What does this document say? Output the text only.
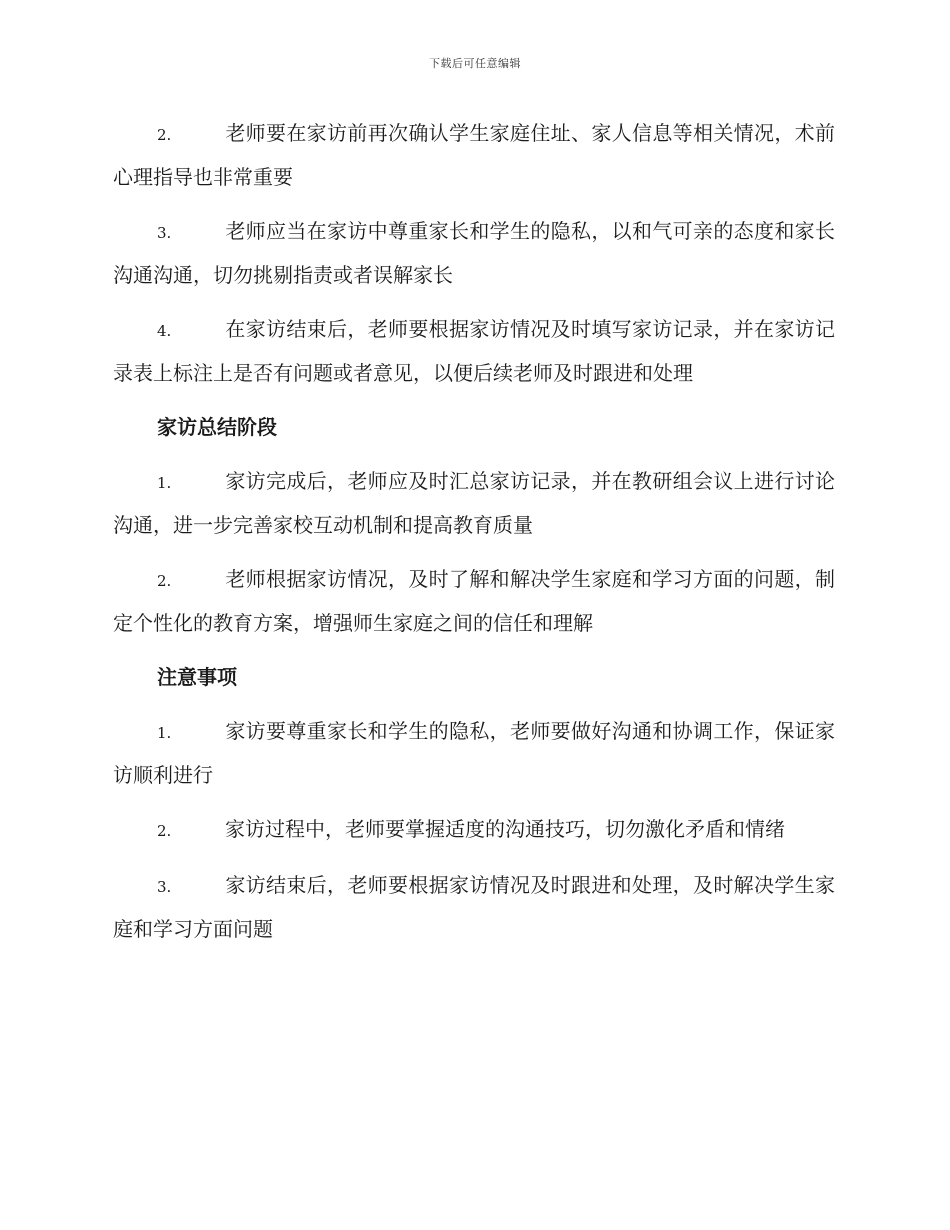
下载后可任意编辑

2.	老师要在家访前再次确认学生家庭住址、家人信息等相关情况，术前心理指导也非常重要

3.	老师应当在家访中尊重家长和学生的隐私，以和气可亲的态度和家长沟通沟通，切勿挑剔指责或者误解家长

4.	在家访结束后，老师要根据家访情况及时填写家访记录，并在家访记录表上标注上是否有问题或者意见，以便后续老师及时跟进和处理

家访总结阶段

1.	家访完成后，老师应及时汇总家访记录，并在教研组会议上进行讨论沟通，进一步完善家校互动机制和提高教育质量

2.	老师根据家访情况，及时了解和解决学生家庭和学习方面的问题，制定个性化的教育方案，增强师生家庭之间的信任和理解

注意事项

1.	家访要尊重家长和学生的隐私，老师要做好沟通和协调工作，保证家访顺利进行

2.	家访过程中，老师要掌握适度的沟通技巧，切勿激化矛盾和情绪

3.	家访结束后，老师要根据家访情况及时跟进和处理，及时解决学生家庭和学习方面问题
